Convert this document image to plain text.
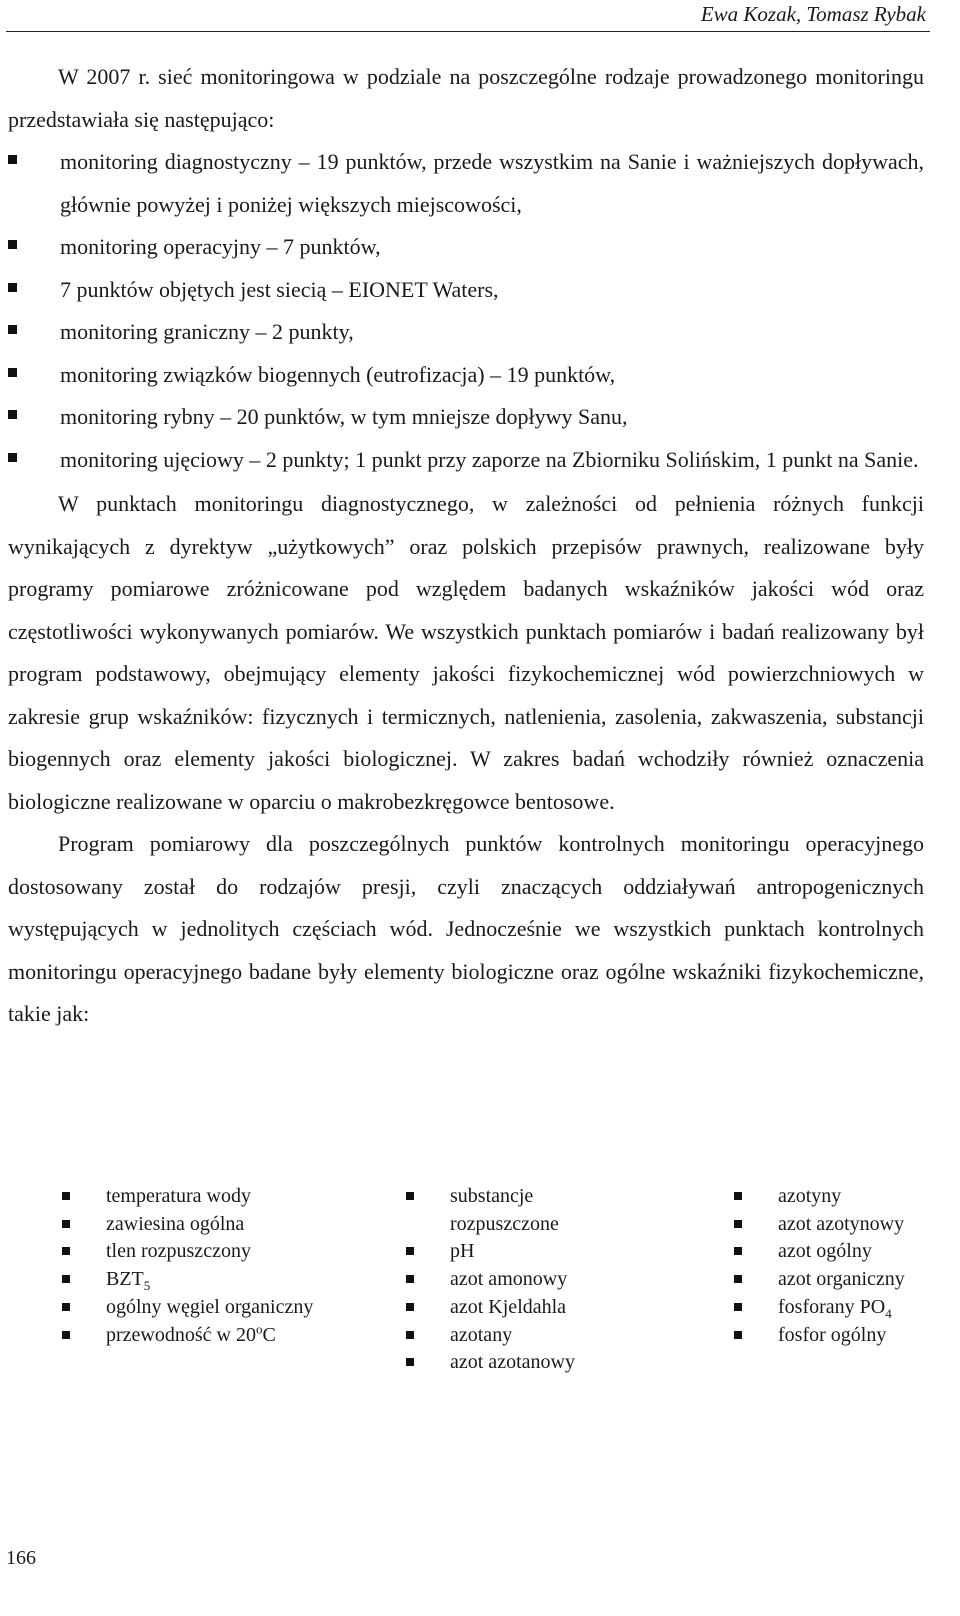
Ewa Kozak, Tomasz Rybak

W 2007 r. sieć monitoringowa w podziale na poszczególne rodzaje prowadzonego monitoringu przedstawiała się następująco:

monitoring diagnostyczny – 19 punktów, przede wszystkim na Sanie i ważniejszych dopływach, głównie powyżej i poniżej większych miejscowości,
monitoring operacyjny – 7 punktów,
7 punktów objętych jest siecią – EIONET Waters,
monitoring graniczny – 2 punkty,
monitoring związków biogennych (eutrofizacja) – 19 punktów,
monitoring rybny – 20 punktów, w tym mniejsze dopływy Sanu,
monitoring ujęciowy – 2 punkty; 1 punkt przy zaporze na Zbiorniku Solińskim, 1 punkt na Sanie.

W punktach monitoringu diagnostycznego, w zależności od pełnienia różnych funkcji wynikających z dyrektyw „użytkowych” oraz polskich przepisów prawnych, realizowane były programy pomiarowe zróżnicowane pod względem badanych wskaźników jakości wód oraz częstotliwości wykonywanych pomiarów. We wszystkich punktach pomiarów i badań realizowany był program podstawowy, obejmujący elementy jakości fizykochemicznej wód powierzchniowych w zakresie grup wskaźników: fizycznych i termicznych, natlenienia, zasolenia, zakwaszenia, substancji biogennych oraz elementy jakości biologicznej. W zakres badań wchodziły również oznaczenia biologiczne realizowane w oparciu o makrobezkręgowce bentosowe.

Program pomiarowy dla poszczególnych punktów kontrolnych monitoringu operacyjnego dostosowany został do rodzajów presji, czyli znaczących oddziaływań antropogenicznych występujących w jednolitych częściach wód. Jednocześnie we wszystkich punktach kontrolnych monitoringu operacyjnego badane były elementy biologiczne oraz ogólne wskaźniki fizykochemiczne, takie jak:

temperatura wody
zawiesina ogólna
tlen rozpuszczony
$BZT_5$
ogólny węgiel organiczny
przewodność w 20$^o$C
substancje rozpuszczone
pH
azot amonowy
azot Kjeldahla
azotany
azot azotanowy
azotyny
azot azotynowy
azot ogólny
azot organiczny
fosforany $PO_4$
fosfor ogólny
166
